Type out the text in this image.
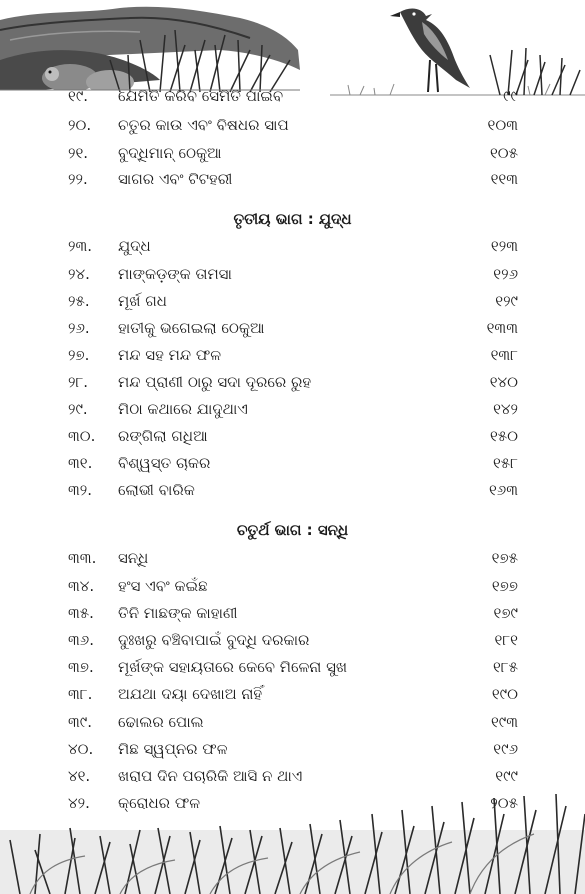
୧୯.	ଯେମିତି କରିବ ସେମିତି ପାଇବ	୯୯
୨୦.	ଚତୁର କାଉ ଏବଂ ବିଷଧର ସାପ	୧୦୩
୨୧.	ବୁଦ୍ଧିମାନ୍ ଠେକୁଆ	୧୦୫
୨୨.	ସାଗର ଏବଂ ଟିଟହରୀ	୧୧୩
ତୃତୀୟ ଭାଗ : ଯୁଦ୍ଧ
୨୩.	ଯୁଦ୍ଧ	୧୨୩
୨୪.	ମାଙ୍କଡ଼ଙ୍କ ତାମସା	୧୨୬
୨୫.	ମୂର୍ଖ ଗଧ	୧୨୯
୨୬.	ହାତୀକୁ ଭଗେଇଲା ଠେକୁଆ	୧୩୩
୨୭.	ମନ୍ଦ ସହ ମନ୍ଦ ଫଳ	୧୩୮
୨୮.	ମନ୍ଦ ପ୍ରାଣୀ ଠାରୁ ସଦା ଦୂରରେ ରୁହ	୧୪୦
୨୯.	ମିଠା କଥାରେ ଯାଦୁଥାଏ	୧୪୨
୩୦.	ରଙ୍ଗିଲା ଗଧିଆ	୧୫୦
୩୧.	ବିଶ୍ୱସ୍ତ ଚାକର	୧୫୮
୩୨.	ଲୋଭୀ ବାରିକ	୧୬୩
ଚତୁର୍ଥ ଭାଗ : ସନ୍ଧି
୩୩.	ସନ୍ଧି	୧୭୫
୩୪.	ହଂସ ଏବଂ କଇଁଛ	୧୭୭
୩୫.	ତିନି ମାଛଙ୍କ କାହାଣୀ	୧୭୯
୩୬.	ଦୁଃଖରୁ ବଞ୍ଚିବାପାଇଁ ବୁଦ୍ଧି ଦରକାର	୧୮୧
୩୭.	ମୂର୍ଖଙ୍କ ସହାୟତାରେ କେବେ ମିଳେନା ସୁଖ	୧୮୫
୩୮.	ଅଯଥା ଦୟା ଦେଖାଅ ନାହିଁ	୧୯୦
୩୯.	ଢୋଲର ପୋଲ	୧୯୩
୪୦.	ମିଛ ସ୍ୱପ୍ନର ଫଳ	୧୯୬
୪୧.	ଖରାପ ଦିନ ପଚାରିକି ଆସି ନ ଥାଏ	୧୯୯
୪୨.	କ୍ରୋଧର ଫଳ	୨୦୫
